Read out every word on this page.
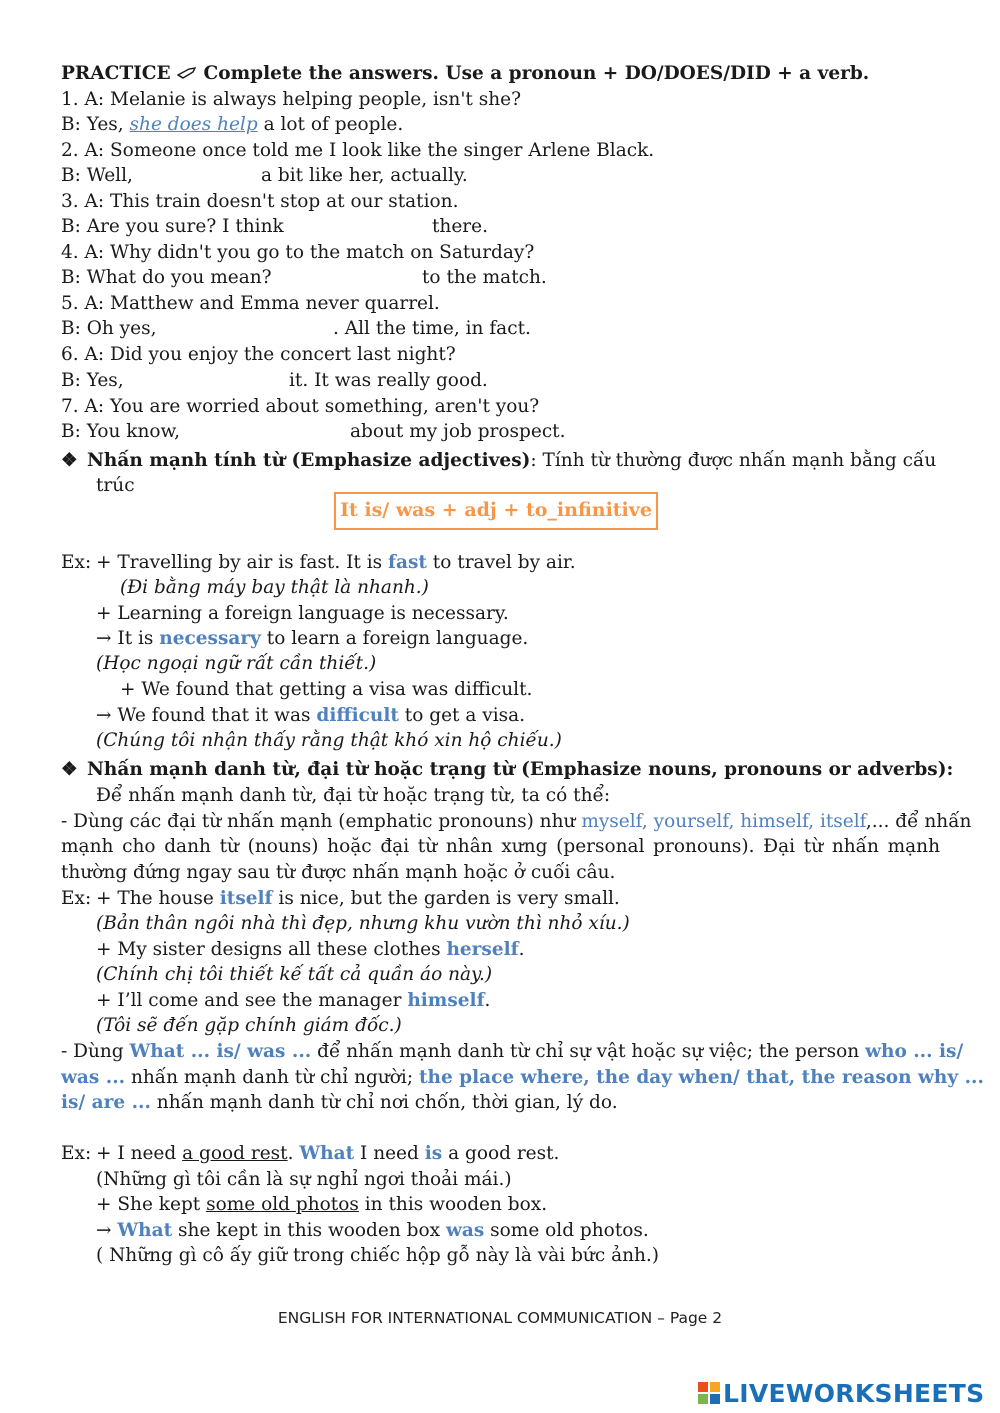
PRACTICE Complete the answers. Use a pronoun + DO/DOES/DID + a verb.
1. A: Melanie is always helping people, isn't she?
B: Yes, she does help a lot of people.
2. A: Someone once told me I look like the singer Arlene Black.
B: Well,	a bit like her, actually.
3. A: This train doesn't stop at our station.
B: Are you sure? I think	there.
4. A: Why didn't you go to the match on Saturday?
B: What do you mean?	to the match.
5. A: Matthew and Emma never quarrel.
B: Oh yes,	. All the time, in fact.
6. A: Did you enjoy the concert last night?
B: Yes,	it. It was really good.
7. A: You are worried about something, aren't you?
B: You know,	about my job prospect.
❖ Nhấn mạnh tính từ (Emphasize adjectives): Tính từ thường được nhấn mạnh bằng cấu
trúc
It is/ was + adj + to_infinitive
Ex: + Travelling by air is fast. It is fast to travel by air.
(Đi bằng máy bay thật là nhanh.)
+ Learning a foreign language is necessary.
→ It is necessary to learn a foreign language.
(Học ngoại ngữ rất cần thiết.)
+ We found that getting a visa was difficult.
→ We found that it was difficult to get a visa.
(Chúng tôi nhận thấy rằng thật khó xin hộ chiếu.)
❖ Nhấn mạnh danh từ, đại từ hoặc trạng từ (Emphasize nouns, pronouns or adverbs):
Để nhấn mạnh danh từ, đại từ hoặc trạng từ, ta có thể:
- Dùng các đại từ nhấn mạnh (emphatic pronouns) như myself, yourself, himself, itself,... để nhấn
mạnh cho danh từ (nouns) hoặc đại từ nhân xưng (personal pronouns). Đại từ nhấn mạnh
thường đứng ngay sau từ được nhấn mạnh hoặc ở cuối câu.
Ex: + The house itself is nice, but the garden is very small.
(Bản thân ngôi nhà thì đẹp, nhưng khu vườn thì nhỏ xíu.)
+ My sister designs all these clothes herself.
(Chính chị tôi thiết kế tất cả quần áo này.)
+ I’ll come and see the manager himself.
(Tôi sẽ đến gặp chính giám đốc.)
- Dùng What ... is/ was ... để nhấn mạnh danh từ chỉ sự vật hoặc sự việc; the person who ... is/
was ... nhấn mạnh danh từ chỉ người; the place where, the day when/ that, the reason why ...
is/ are ... nhấn mạnh danh từ chỉ nơi chốn, thời gian, lý do.
Ex: + I need a good rest. What I need is a good rest.
(Những gì tôi cần là sự nghỉ ngơi thoải mái.)
+ She kept some old photos in this wooden box.
→ What she kept in this wooden box was some old photos.
( Những gì cô ấy giữ trong chiếc hộp gỗ này là vài bức ảnh.)
ENGLISH FOR INTERNATIONAL COMMUNICATION – Page 2
LIVEWORKSHEETS
